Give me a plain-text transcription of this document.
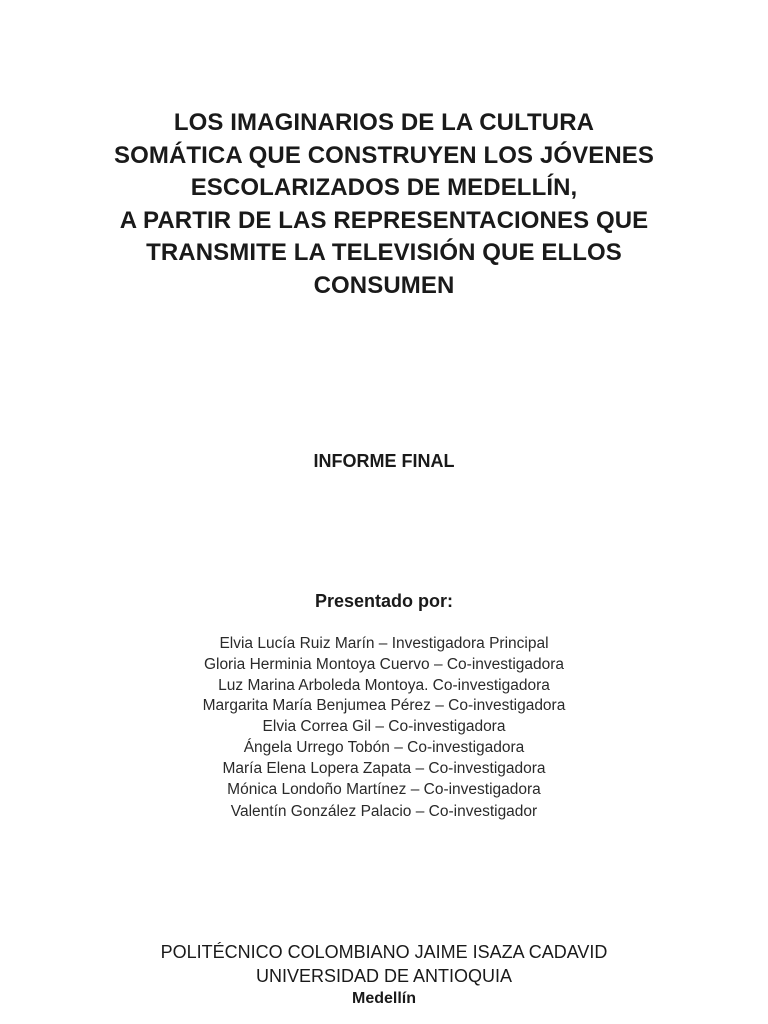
LOS IMAGINARIOS DE LA CULTURA
SOMÁTICA QUE CONSTRUYEN LOS JÓVENES
ESCOLARIZADOS DE MEDELLÍN,
A PARTIR DE LAS REPRESENTACIONES QUE
TRANSMITE LA TELEVISIÓN QUE ELLOS
CONSUMEN
INFORME FINAL
Presentado por:
Elvia Lucía Ruiz Marín – Investigadora Principal
Gloria Herminia Montoya Cuervo – Co-investigadora
Luz Marina Arboleda Montoya. Co-investigadora
Margarita María Benjumea Pérez – Co-investigadora
Elvia Correa Gil – Co-investigadora
Ángela Urrego Tobón – Co-investigadora
María Elena Lopera Zapata – Co-investigadora
Mónica Londoño Martínez – Co-investigadora
Valentín González Palacio – Co-investigador
POLITÉCNICO COLOMBIANO JAIME ISAZA CADAVID
UNIVERSIDAD DE ANTIOQUIA
Medellín
